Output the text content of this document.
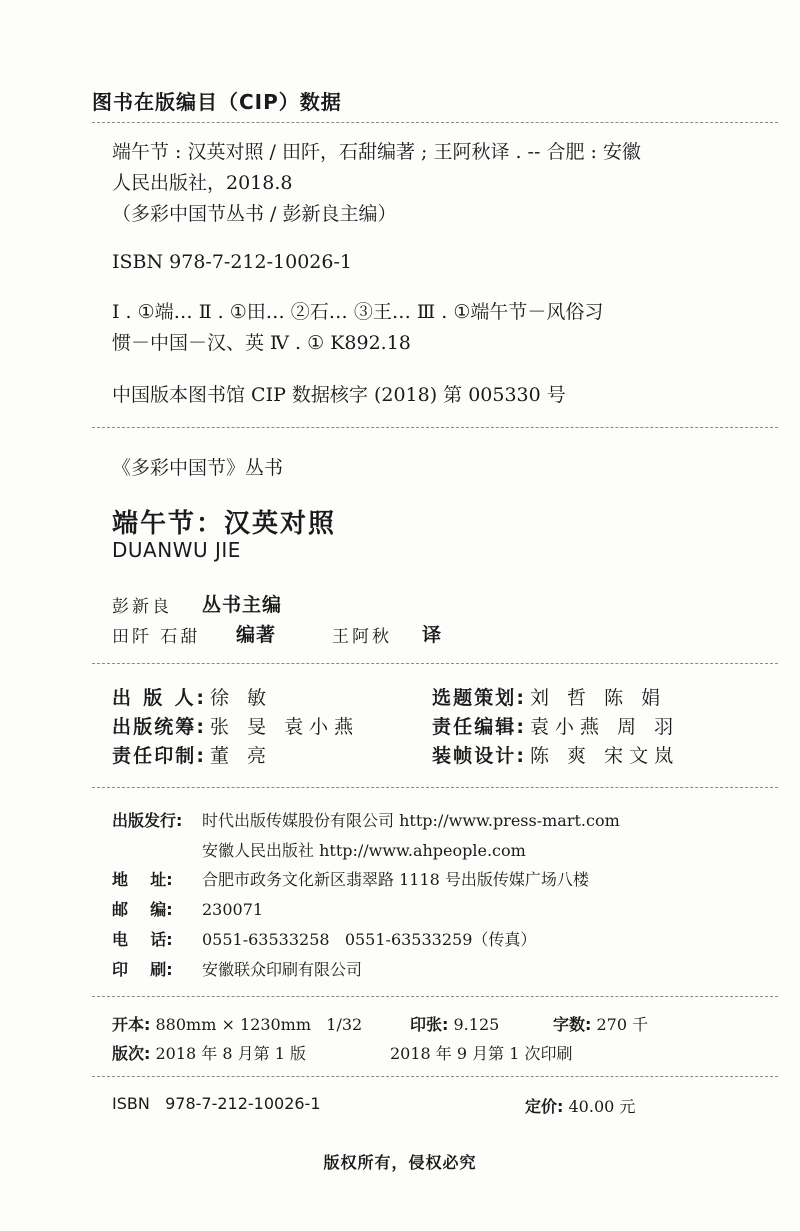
图书在版编目（CIP）数据
端午节 : 汉英对照 / 田阡，石甜编著 ; 王阿秋译 . -- 合肥 : 安徽
人民出版社，2018.8
（多彩中国节丛书 / 彭新良主编）
ISBN 978-7-212-10026-1
Ⅰ . ①端… Ⅱ . ①田… ②石… ③王… Ⅲ . ①端午节－风俗习
惯－中国－汉、英 Ⅳ . ① K892.18
中国版本图书馆 CIP 数据核字 (2018) 第 005330 号
《多彩中国节》丛书
端午节：汉英对照
DUANWU JIE
彭新良 丛书主编
田阡 石甜 编著	王阿秋 译
出 版 人: 徐 敏	选题策划: 刘 哲 陈 娟
出版统筹: 张 旻 袁小燕	责任编辑: 袁小燕 周 羽
责任印制: 董 亮	装帧设计: 陈 爽 宋文岚
出版发行: 时代出版传媒股份有限公司 http://www.press-mart.com
安徽人民出版社 http://www.ahpeople.com
地    址: 合肥市政务文化新区翡翠路 1118 号出版传媒广场八楼
邮    编: 230071
电    话: 0551-63533258   0551-63533259（传真）
印    刷: 安徽联众印刷有限公司
开本: 880mm × 1230mm   1/32	印张: 9.125	字数: 270 千
版次: 2018 年 8 月第 1 版	2018 年 9 月第 1 次印刷
ISBN   978-7-212-10026-1	定价: 40.00 元
版权所有，侵权必究
